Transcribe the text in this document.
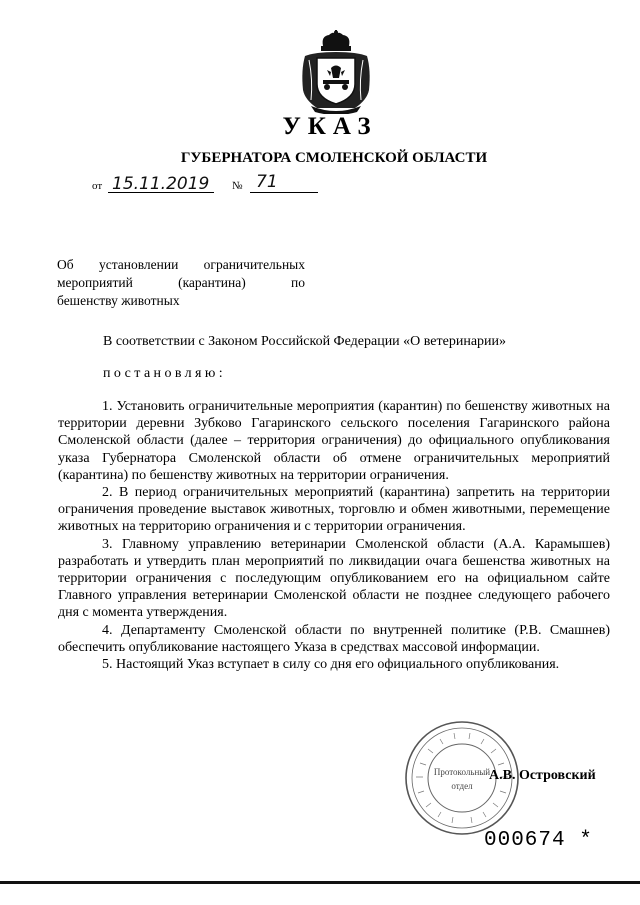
УКАЗ
ГУБЕРНАТОРА СМОЛЕНСКОЙ ОБЛАСТИ
от 15.11.2019 № 71
Об установлении ограничительных
мероприятий (карантина) по
бешенству животных
В соответствии с Законом Российской Федерации «О ветеринарии»
постановляю:

1. Установить ограничительные мероприятия (карантин) по бешенству животных на территории деревни Зубково Гагаринского сельского поселения Гагаринского района Смоленской области (далее – территория ограничения) до официального опубликования указа Губернатора Смоленской области об отмене ограничительных мероприятий (карантина) по бешенству животных на территории ограничения.

2. В период ограничительных мероприятий (карантина) запретить на территории ограничения проведение выставок животных, торговлю и обмен животными, перемещение животных на территорию ограничения и с территории ограничения.

3. Главному управлению ветеринарии Смоленской области (А.А. Карамышев) разработать и утвердить план мероприятий по ликвидации очага бешенства животных на территории ограничения с последующим опубликованием его на официальном сайте Главного управления ветеринарии Смоленской области не позднее следующего рабочего дня с момента утверждения.

4. Департаменту Смоленской области по внутренней политике (Р.В. Смашнев) обеспечить опубликование настоящего Указа в средствах массовой информации.

5. Настоящий Указ вступает в силу со дня его официального опубликования.

Протокольный
отдел
А.В. Островский
000674 *
